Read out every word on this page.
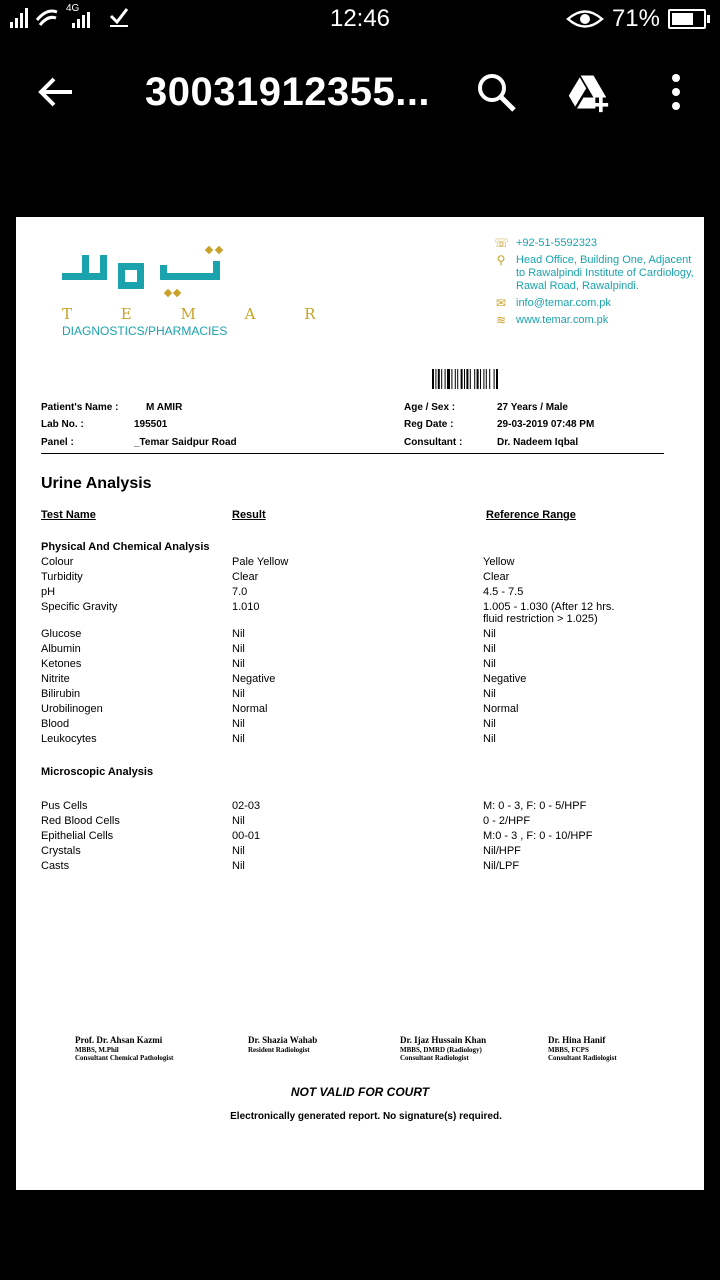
4G	12:46	71%
30031912355...
T E M A R
DIAGNOSTICS/PHARMACIES
☏ +92-51-5592323
⚲ Head Office, Building One, Adjacent to Rawalpindi Institute of Cardiology, Rawal Road, Rawalpindi.
✉ info@temar.com.pk
≋ www.temar.com.pk
Patient's Name :	M AMIR
Lab No. :	195501
Panel :	_Temar Saidpur Road
Age / Sex :	27 Years / Male
Reg Date :	29-03-2019 07:48 PM
Consultant :	Dr. Nadeem Iqbal
Urine Analysis
Test Name	Result	Reference Range
Physical And Chemical Analysis
Colour	Pale Yellow	Yellow
Turbidity	Clear	Clear
pH	7.0	4.5 - 7.5
Specific Gravity	1.010	1.005 - 1.030 (After 12 hrs.
fluid restriction > 1.025)
Glucose	Nil	Nil
Albumin	Nil	Nil
Ketones	Nil	Nil
Nitrite	Negative	Negative
Bilirubin	Nil	Nil
Urobilinogen	Normal	Normal
Blood	Nil	Nil
Leukocytes	Nil	Nil
Microscopic Analysis
Pus Cells	02-03	M: 0 - 3, F: 0 - 5/HPF
Red Blood Cells	Nil	0 - 2/HPF
Epithelial Cells	00-01	M:0 - 3 , F: 0 - 10/HPF
Crystals	Nil	Nil/HPF
Casts	Nil	Nil/LPF
Prof. Dr. Ahsan Kazmi
MBBS, M.Phil
Consultant Chemical Pathologist
Dr. Shazia Wahab
Resident Radiologist
Dr. Ijaz Hussain Khan
MBBS, DMRD (Radiology)
Consultant Radiologist
Dr. Hina Hanif
MBBS, FCPS
Consultant Radiologist
NOT VALID FOR COURT
Electronically generated report. No signature(s) required.
